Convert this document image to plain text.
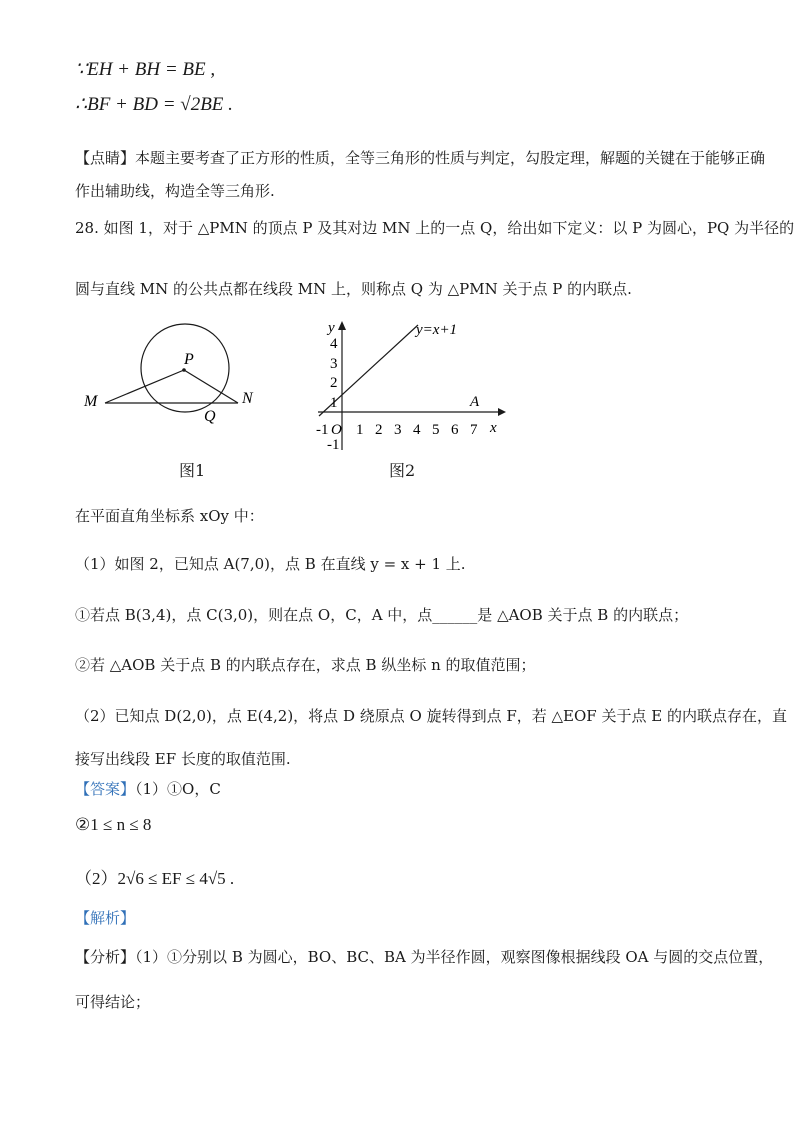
∵EH + BH = BE ,
∴BF + BD = √2BE .
【点睛】本题主要考查了正方形的性质，全等三角形的性质与判定，勾股定理，解题的关键在于能够正确
作出辅助线，构造全等三角形.
28. 如图 1，对于 △PMN 的顶点 P 及其对边 MN 上的一点 Q，给出如下定义：以 P 为圆心，PQ 为半径的
圆与直线 MN 的公共点都在线段 MN 上，则称点 Q 为 △PMN 关于点 P 的内联点.
P
M	N
Q
图1
y=x+1
y
x
A
O
-1 1 2 3 4 5 6 7
4
3
2
1
-1
图2
在平面直角坐标系 xOy 中：
（1）如图 2，已知点 A(7,0)，点 B 在直线 y = x + 1 上.
①若点 B(3,4)，点 C(3,0)，则在点 O，C，A 中，点______是 △AOB 关于点 B 的内联点；
②若 △AOB 关于点 B 的内联点存在，求点 B 纵坐标 n 的取值范围；
（2）已知点 D(2,0)，点 E(4,2)，将点 D 绕原点 O 旋转得到点 F，若 △EOF 关于点 E 的内联点存在，直
接写出线段 EF 长度的取值范围.
【答案】（1）①O，C
②1 ≤ n ≤ 8
（2）2√6 ≤ EF ≤ 4√5 .
【解析】
【分析】（1）①分别以 B 为圆心，BO、BC、BA 为半径作圆，观察图像根据线段 OA 与圆的交点位置，
可得结论；
